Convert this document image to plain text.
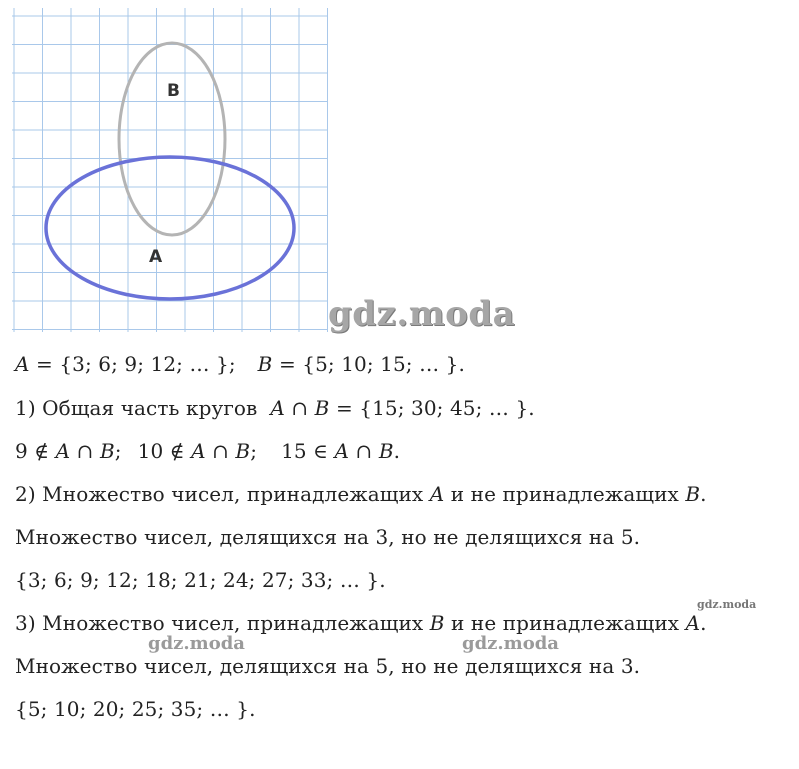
B
A
gdz.moda
A = {3; 6; 9; 12; … }; B = {5; 10; 15; … }.
1) Общая часть кругов A ∩ B = {15; 30; 45; … }.
9 ∉ A ∩ B; 10 ∉ A ∩ B; 15 ∈ A ∩ B.
2) Множество чисел, принадлежащих A и не принадлежащих B.
Множество чисел, делящихся на 3, но не делящихся на 5.
{3; 6; 9; 12; 18; 21; 24; 27; 33; … }.
3) Множество чисел, принадлежащих B и не принадлежащих A.
Множество чисел, делящихся на 5, но не делящихся на 3.
{5; 10; 20; 25; 35; … }.
gdz.moda	gdz.moda
gdz.moda
